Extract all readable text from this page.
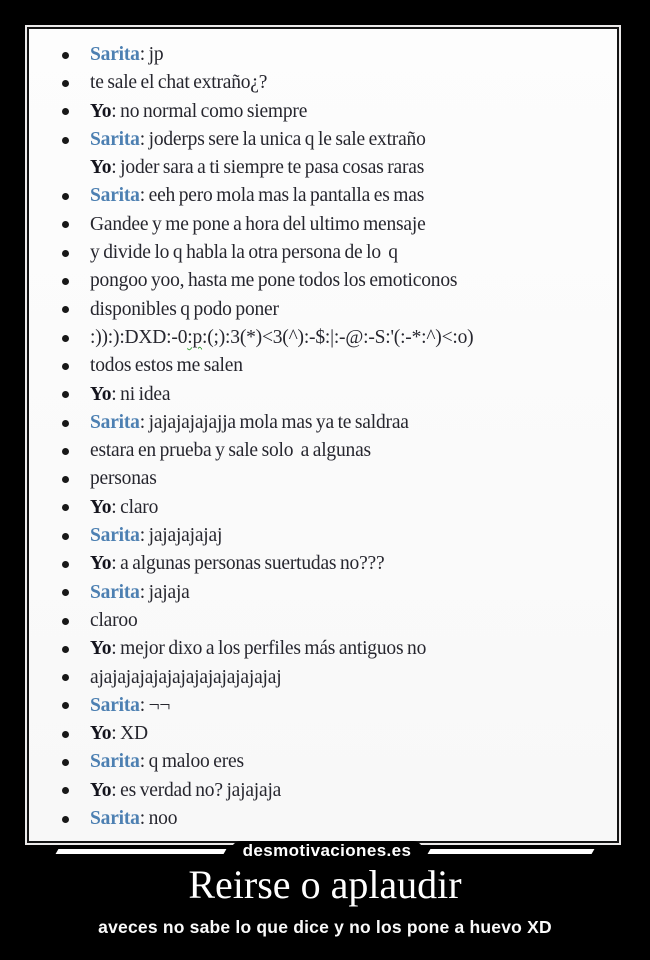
Sarita: jp
te sale el chat extraño¿?
Yo: no normal como siempre
Sarita: joderps sere la unica q le sale extraño
Yo: joder sara a ti siempre te pasa cosas raras
Sarita: eeh pero mola mas la pantalla es mas
Gandee y me pone a hora del ultimo mensaje
y divide lo q habla la otra persona de lo  q
pongoo yoo, hasta me pone todos los emoticonos
disponibles q podo poner
:)):):DXD:-0:p:(;):3(*)<3(^):-$:|:-@:-S:'(:-*:^)<:o)
todos estos me salen
Yo: ni idea
Sarita: jajajajajajja mola mas ya te saldraa
estara en prueba y sale solo  a algunas
personas
Yo: claro
Sarita: jajajajajaj
Yo: a algunas personas suertudas no???
Sarita: jajaja
claroo
Yo: mejor dixo a los perfiles más antiguos no
ajajajajajajajajajajajajajaj
Sarita: ¬¬
Yo: XD
Sarita: q maloo eres
Yo: es verdad no? jajajaja
Sarita: noo
desmotivaciones.es
Reirse o aplaudir
aveces no sabe lo que dice y no los pone a huevo XD
